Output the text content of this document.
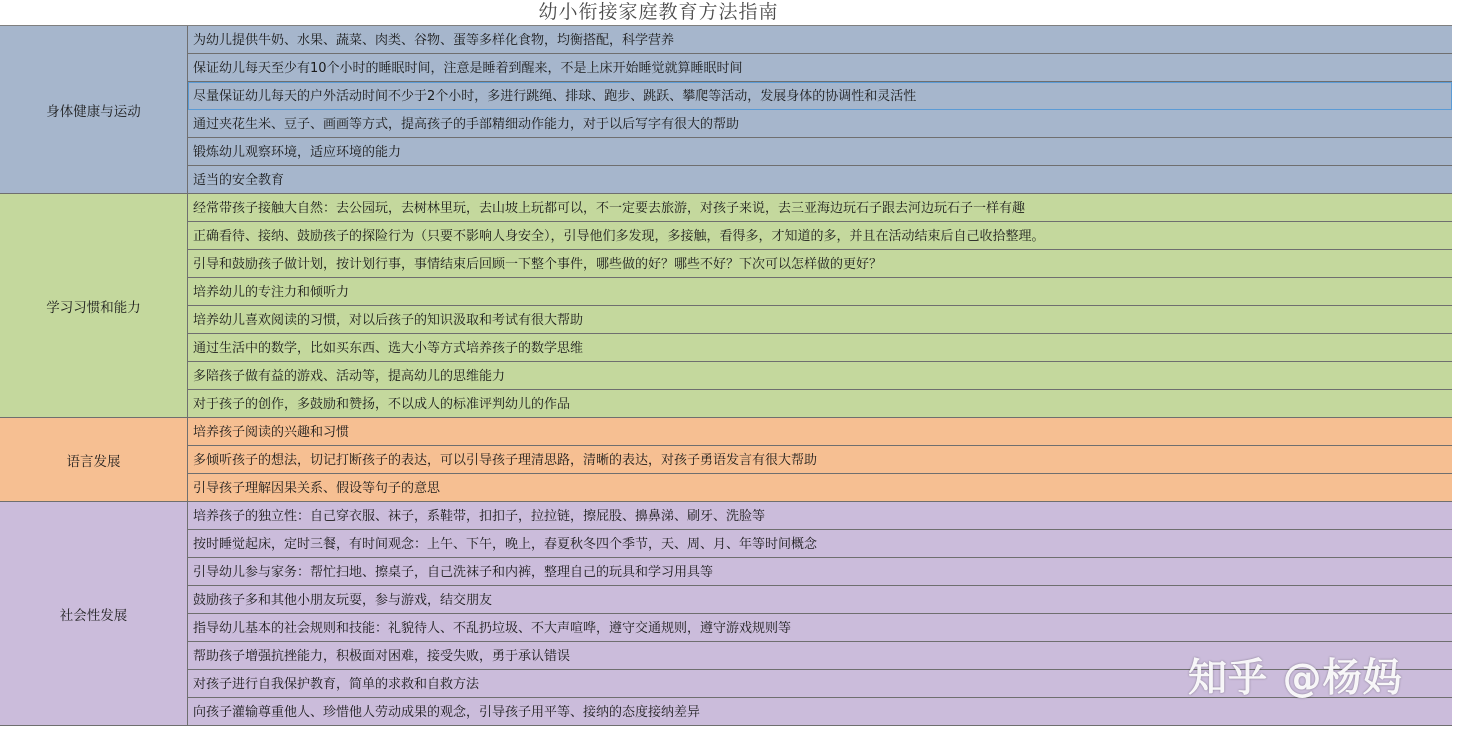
幼小衔接家庭教育方法指南
身体健康与运动
为幼儿提供牛奶、水果、蔬菜、肉类、谷物、蛋等多样化食物，均衡搭配，科学营养
保证幼儿每天至少有10个小时的睡眠时间，注意是睡着到醒来，不是上床开始睡觉就算睡眠时间
尽量保证幼儿每天的户外活动时间不少于2个小时，多进行跳绳、排球、跑步、跳跃、攀爬等活动，发展身体的协调性和灵活性
通过夹花生米、豆子、画画等方式，提高孩子的手部精细动作能力，对于以后写字有很大的帮助
锻炼幼儿观察环境，适应环境的能力
适当的安全教育
学习习惯和能力
经常带孩子接触大自然：去公园玩，去树林里玩，去山坡上玩都可以，不一定要去旅游，对孩子来说，去三亚海边玩石子跟去河边玩石子一样有趣
正确看待、接纳、鼓励孩子的探险行为（只要不影响人身安全），引导他们多发现，多接触，看得多，才知道的多，并且在活动结束后自己收拾整理。
引导和鼓励孩子做计划，按计划行事，事情结束后回顾一下整个事件，哪些做的好？哪些不好？下次可以怎样做的更好？
培养幼儿的专注力和倾听力
培养幼儿喜欢阅读的习惯，对以后孩子的知识汲取和考试有很大帮助
通过生活中的数学，比如买东西、选大小等方式培养孩子的数学思维
多陪孩子做有益的游戏、活动等，提高幼儿的思维能力
对于孩子的创作，多鼓励和赞扬，不以成人的标准评判幼儿的作品
语言发展
培养孩子阅读的兴趣和习惯
多倾听孩子的想法，切记打断孩子的表达，可以引导孩子理清思路，清晰的表达，对孩子勇语发言有很大帮助
引导孩子理解因果关系、假设等句子的意思
社会性发展
培养孩子的独立性：自己穿衣服、袜子，系鞋带，扣扣子，拉拉链，擦屁股、擤鼻涕、刷牙、洗脸等
按时睡觉起床，定时三餐，有时间观念：上午、下午，晚上，春夏秋冬四个季节，天、周、月、年等时间概念
引导幼儿参与家务：帮忙扫地、擦桌子，自己洗袜子和内裤，整理自己的玩具和学习用具等
鼓励孩子多和其他小朋友玩耍，参与游戏，结交朋友
指导幼儿基本的社会规则和技能：礼貌待人、不乱扔垃圾、不大声喧哗，遵守交通规则，遵守游戏规则等
帮助孩子增强抗挫能力，积极面对困难，接受失败，勇于承认错误
对孩子进行自我保护教育，简单的求救和自救方法
向孩子灌输尊重他人、珍惜他人劳动成果的观念，引导孩子用平等、接纳的态度接纳差异
知乎 @杨妈
